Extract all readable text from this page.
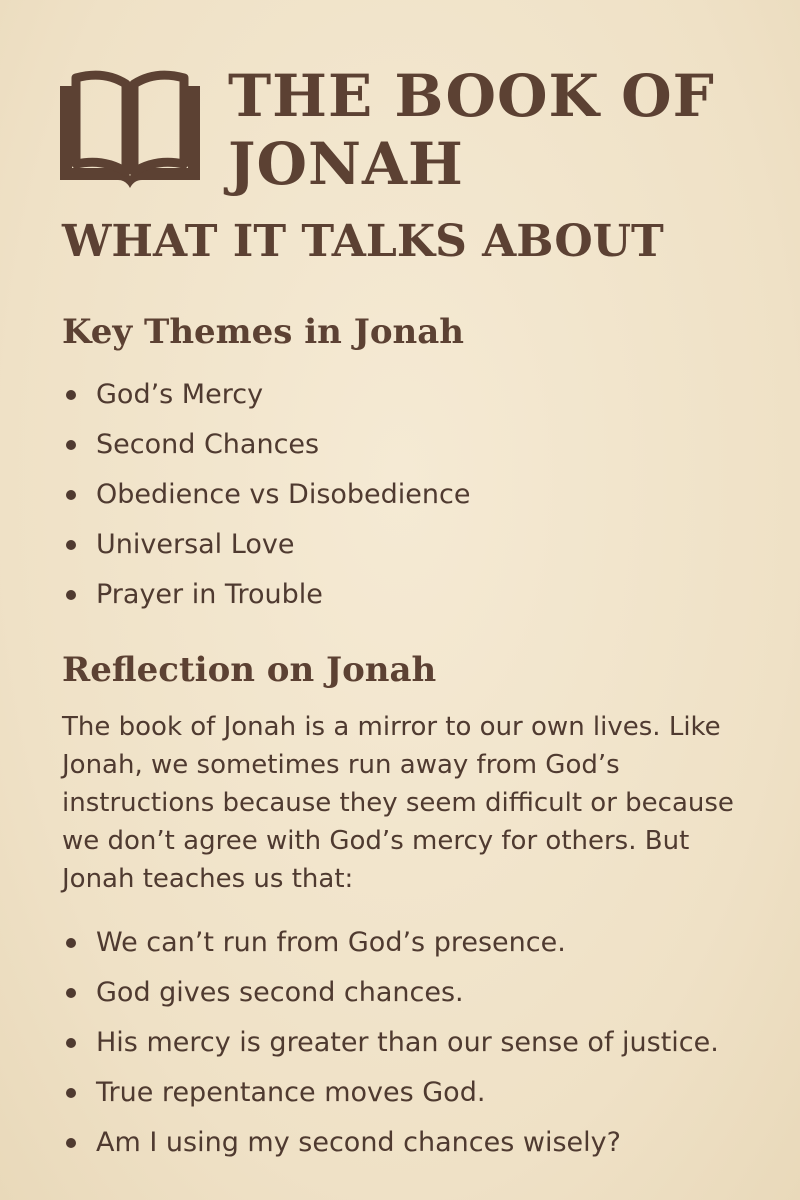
THE BOOK OF JONAH
WHAT IT TALKS ABOUT
Key Themes in Jonah
God’s Mercy
Second Chances
Obedience vs Disobedience
Universal Love
Prayer in Trouble
Reflection on Jonah

The book of Jonah is a mirror to our own lives. Like Jonah, we sometimes run away from God’s instructions because they seem difficult or because we don’t agree with God’s mercy for others. But Jonah teaches us that:

We can’t run from God’s presence.
God gives second chances.
His mercy is greater than our sense of justice.
True repentance moves God.
Am I using my second chances wisely?
